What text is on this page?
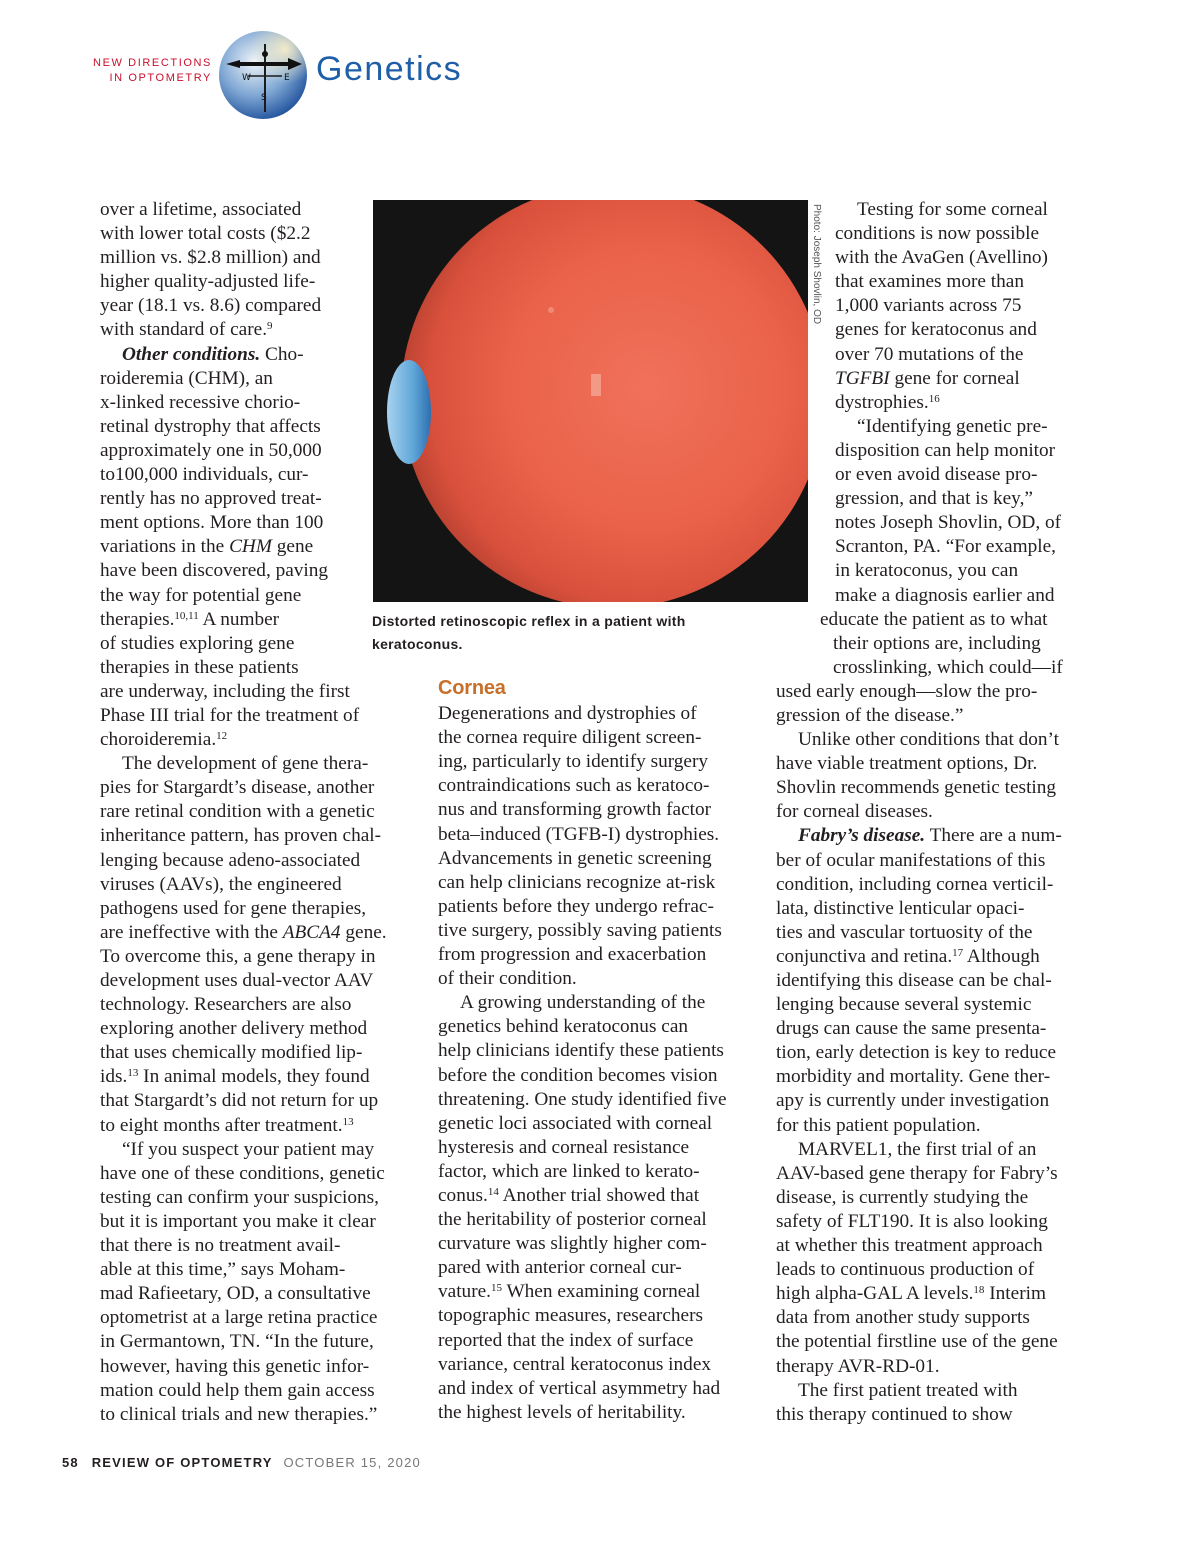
NEW DIRECTIONS
IN OPTOMETRY	W	E
S
Genetics
Photo: Joseph Shovlin, OD
Distorted retinoscopic reflex in a patient with
keratoconus.
over a lifetime, associated
with lower total costs ($2.2
million vs. $2.8 million) and
higher quality-adjusted life-
year (18.1 vs. 8.6) compared
with standard of care.$^9$
Other conditions. Cho-
roideremia (CHM), an
x-linked recessive chorio-
retinal dystrophy that affects
approximately one in 50,000
to100,000 individuals, cur-
rently has no approved treat-
ment options. More than 100
variations in the CHM gene
have been discovered, paving
the way for potential gene
therapies.$^{10,11}$ A number
of studies exploring gene
therapies in these patients
are underway, including the first
Phase III trial for the treatment of
choroideremia.$^{12}$
The development of gene thera-
pies for Stargardt’s disease, another
rare retinal condition with a genetic
inheritance pattern, has proven chal-
lenging because adeno-associated
viruses (AAVs), the engineered
pathogens used for gene therapies,
are ineffective with the ABCA4 gene.
To overcome this, a gene therapy in
development uses dual-vector AAV
technology. Researchers are also
exploring another delivery method
that uses chemically modified lip-
ids.$^{13}$ In animal models, they found
that Stargardt’s did not return for up
to eight months after treatment.$^{13}$
“If you suspect your patient may
have one of these conditions, genetic
testing can confirm your suspicions,
but it is important you make it clear
that there is no treatment avail-
able at this time,” says Moham-
mad Rafieetary, OD, a consultative
optometrist at a large retina practice
in Germantown, TN. “In the future,
however, having this genetic infor-
mation could help them gain access
to clinical trials and new therapies.”
Cornea
Degenerations and dystrophies of
the cornea require diligent screen-
ing, particularly to identify surgery
contraindications such as keratoco-
nus and transforming growth factor
beta–induced (TGFB-I) dystrophies.
Advancements in genetic screening
can help clinicians recognize at-risk
patients before they undergo refrac-
tive surgery, possibly saving patients
from progression and exacerbation
of their condition.
A growing understanding of the
genetics behind keratoconus can
help clinicians identify these patients
before the condition becomes vision
threatening. One study identified five
genetic loci associated with corneal
hysteresis and corneal resistance
factor, which are linked to kerato-
conus.$^{14}$ Another trial showed that
the heritability of posterior corneal
curvature was slightly higher com-
pared with anterior corneal cur-
vature.$^{15}$ When examining corneal
topographic measures, researchers
reported that the index of surface
variance, central keratoconus index
and index of vertical asymmetry had
the highest levels of heritability.
Testing for some corneal
conditions is now possible
with the AvaGen (Avellino)
that examines more than
1,000 variants across 75
genes for keratoconus and
over 70 mutations of the
TGFBI gene for corneal
dystrophies.$^{16}$
“Identifying genetic pre-
disposition can help monitor
or even avoid disease pro-
gression, and that is key,”
notes Joseph Shovlin, OD, of
Scranton, PA. “For example,
in keratoconus, you can
make a diagnosis earlier and
educate the patient as to what
their options are, including
crosslinking, which could—if
used early enough—slow the pro-
gression of the disease.”
Unlike other conditions that don’t
have viable treatment options, Dr.
Shovlin recommends genetic testing
for corneal diseases.
Fabry’s disease. There are a num-
ber of ocular manifestations of this
condition, including cornea verticil-
lata, distinctive lenticular opaci-
ties and vascular tortuosity of the
conjunctiva and retina.$^{17}$ Although
identifying this disease can be chal-
lenging because several systemic
drugs can cause the same presenta-
tion, early detection is key to reduce
morbidity and mortality. Gene ther-
apy is currently under investigation
for this patient population.
MARVEL1, the first trial of an
AAV-based gene therapy for Fabry’s
disease, is currently studying the
safety of FLT190. It is also looking
at whether this treatment approach
leads to continuous production of
high alpha-GAL A levels.$^{18}$ Interim
data from another study supports
the potential firstline use of the gene
therapy AVR-RD-01.
The first patient treated with
this therapy continued to show
58 REVIEW OF OPTOMETRY OCTOBER 15, 2020
